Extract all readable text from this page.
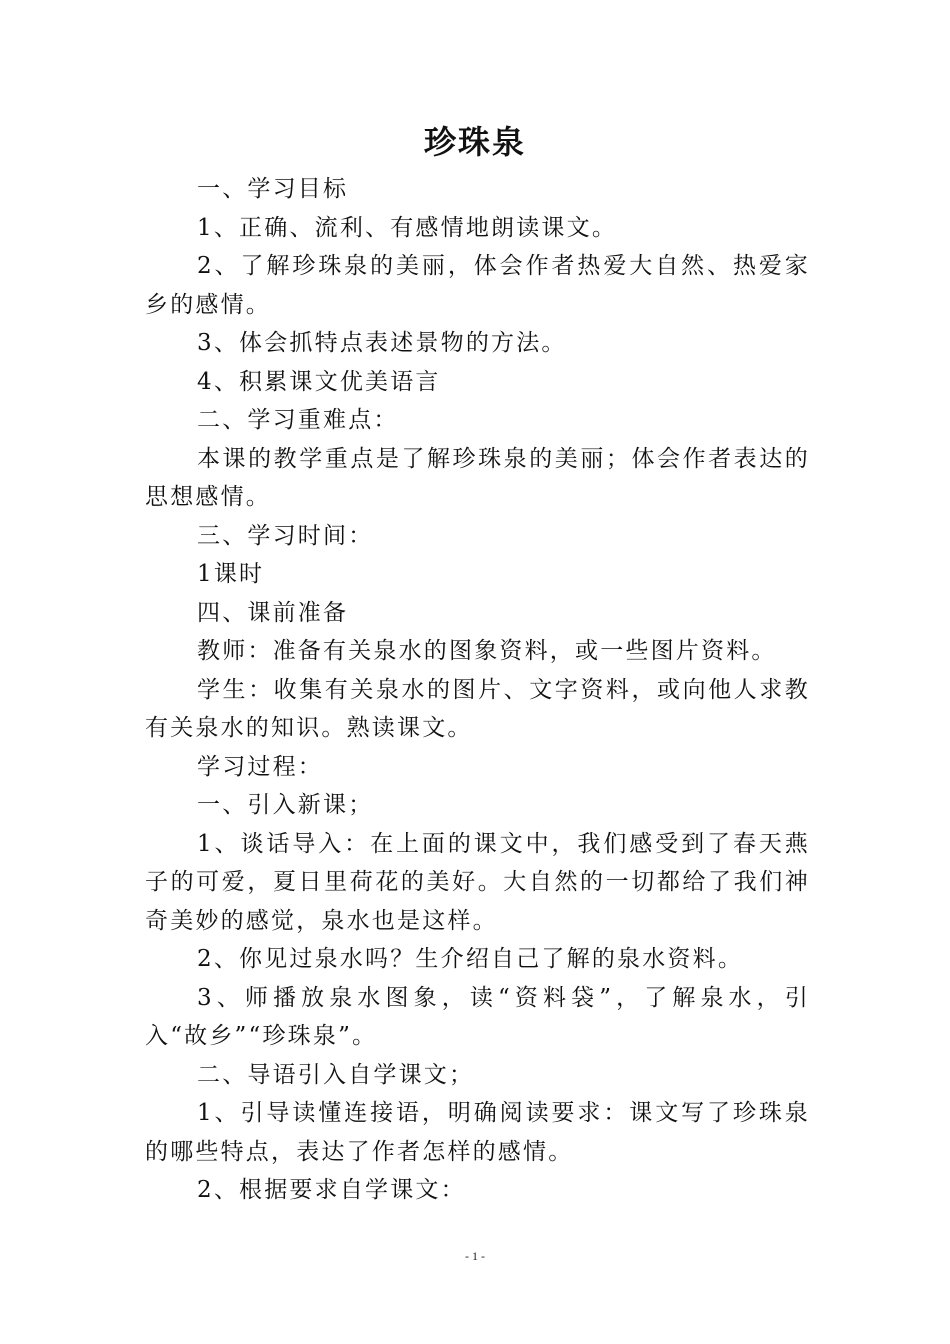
珍珠泉

一、学习目标

1、正确、流利、有感情地朗读课文。

2、了解珍珠泉的美丽，体会作者热爱大自然、热爱家乡的感情。

3、体会抓特点表述景物的方法。

4、积累课文优美语言

二、学习重难点：

本课的教学重点是了解珍珠泉的美丽；体会作者表达的思想感情。

三、学习时间：

1课时

四、课前准备

教师：准备有关泉水的图象资料，或一些图片资料。

学生：收集有关泉水的图片、文字资料，或向他人求教有关泉水的知识。熟读课文。

学习过程：

一、引入新课；

1、谈话导入：在上面的课文中，我们感受到了春天燕子的可爱，夏日里荷花的美好。大自然的一切都给了我们神奇美妙的感觉，泉水也是这样。

2、你见过泉水吗？生介绍自己了解的泉水资料。

3、师播放泉水图象，读“资料袋”，了解泉水，引入“故乡”“珍珠泉”。

二、导语引入自学课文；

1、引导读懂连接语，明确阅读要求：课文写了珍珠泉的哪些特点，表达了作者怎样的感情。

2、根据要求自学课文：

- 1 -
